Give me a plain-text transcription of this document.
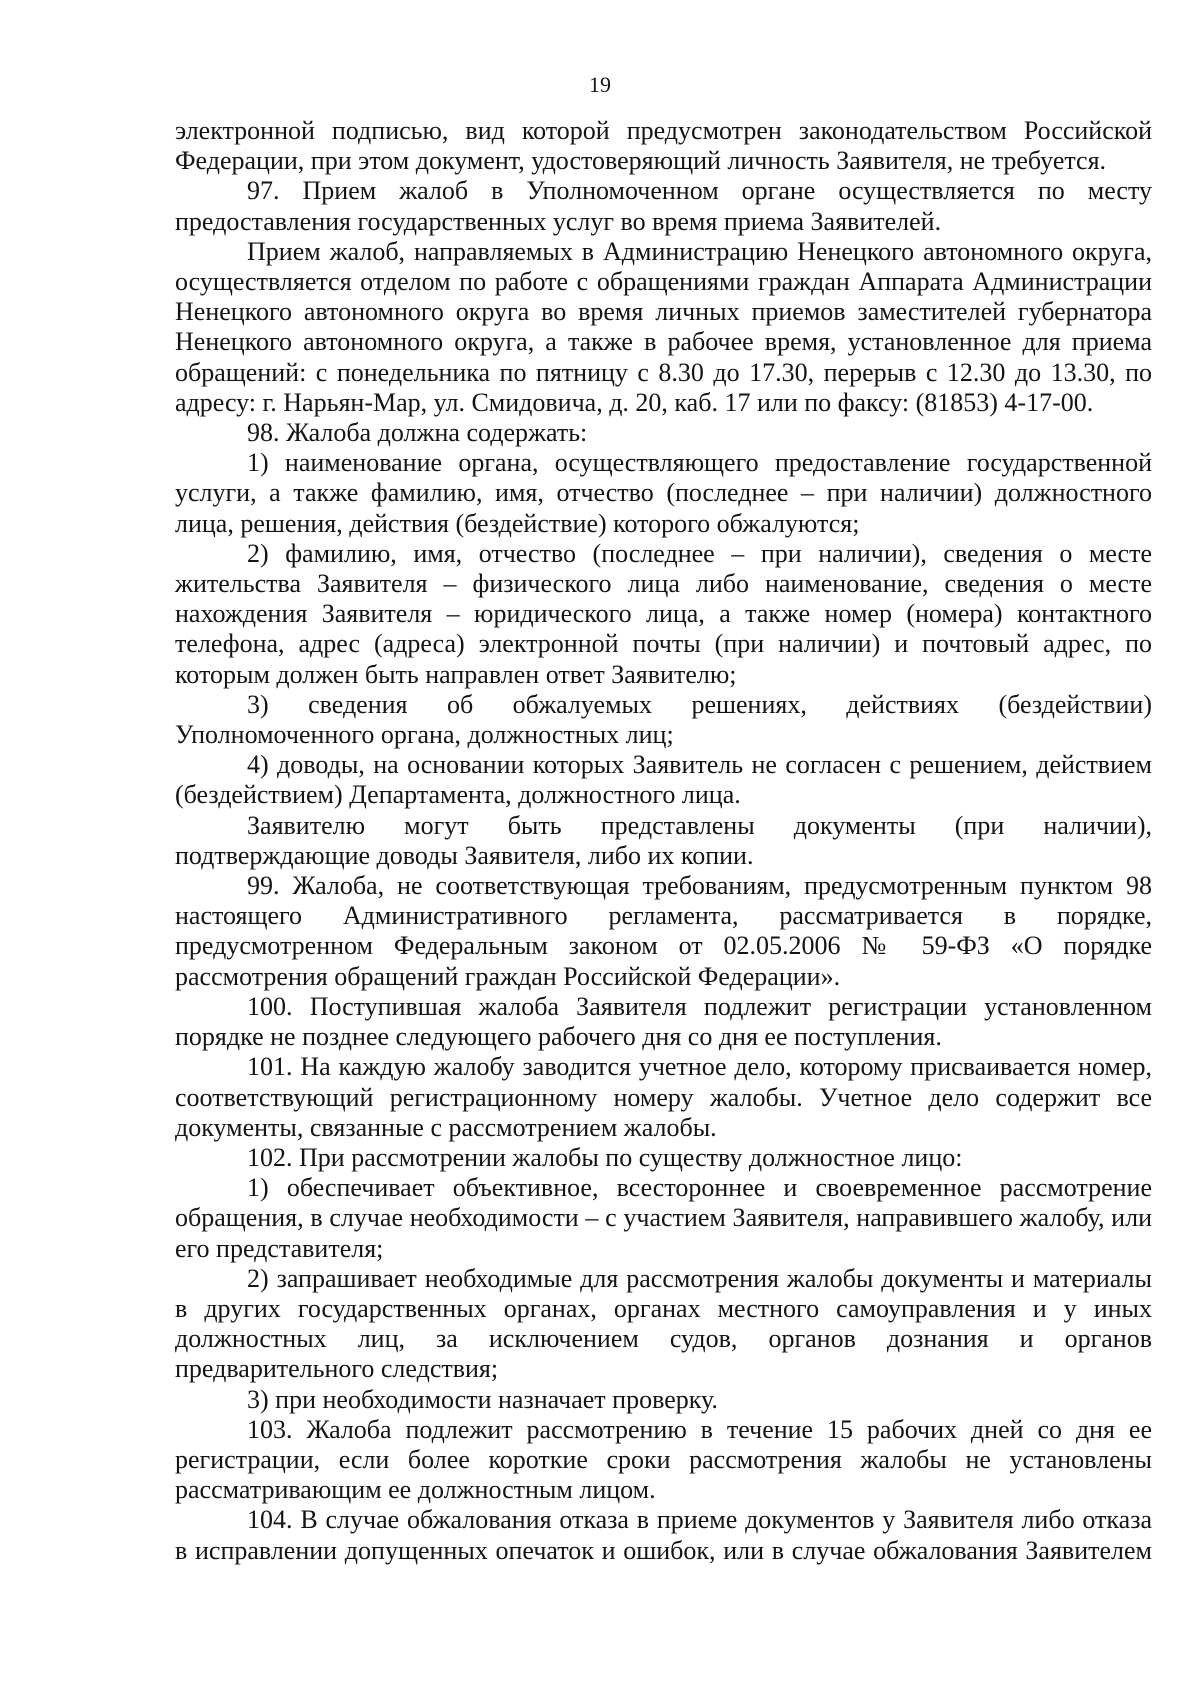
19

электронной подписью, вид которой предусмотрен законодательством Российской Федерации, при этом документ, удостоверяющий личность Заявителя, не требуется.

97. Прием жалоб в Уполномоченном органе осуществляется по месту предоставления государственных услуг во время приема Заявителей.

Прием жалоб, направляемых в Администрацию Ненецкого автономного округа, осуществляется отделом по работе с обращениями граждан Аппарата Администрации Ненецкого автономного округа во время личных приемов заместителей губернатора Ненецкого автономного округа, а также в рабочее время, установленное для приема обращений: с понедельника по пятницу с 8.30 до 17.30, перерыв с 12.30 до 13.30, по адресу: г. Нарьян-Мар, ул. Смидовича, д. 20, каб. 17 или по факсу: (81853) 4-17-00.

98. Жалоба должна содержать:

1) наименование органа, осуществляющего предоставление государственной услуги, а также фамилию, имя, отчество (последнее – при наличии) должностного лица, решения, действия (бездействие) которого обжалуются;

2) фамилию, имя, отчество (последнее – при наличии), сведения о месте жительства Заявителя – физического лица либо наименование, сведения о месте нахождения Заявителя – юридического лица, а также номер (номера) контактного телефона, адрес (адреса) электронной почты (при наличии) и почтовый адрес, по которым должен быть направлен ответ Заявителю;

3) сведения об обжалуемых решениях, действиях (бездействии) Уполномоченного органа, должностных лиц;

4) доводы, на основании которых Заявитель не согласен с решением, действием (бездействием) Департамента, должностного лица.

Заявителю могут быть представлены документы (при наличии), подтверждающие доводы Заявителя, либо их копии.

99. Жалоба, не соответствующая требованиям, предусмотренным пунктом 98 настоящего Административного регламента, рассматривается в порядке, предусмотренном Федеральным законом от 02.05.2006 № 59-ФЗ «О порядке рассмотрения обращений граждан Российской Федерации».

100. Поступившая жалоба Заявителя подлежит регистрации установленном порядке не позднее следующего рабочего дня со дня ее поступления.

101. На каждую жалобу заводится учетное дело, которому присваивается номер, соответствующий регистрационному номеру жалобы. Учетное дело содержит все документы, связанные с рассмотрением жалобы.

102. При рассмотрении жалобы по существу должностное лицо:

1) обеспечивает объективное, всестороннее и своевременное рассмотрение обращения, в случае необходимости – с участием Заявителя, направившего жалобу, или его представителя;

2) запрашивает необходимые для рассмотрения жалобы документы и материалы в других государственных органах, органах местного самоуправления и у иных должностных лиц, за исключением судов, органов дознания и органов предварительного следствия;

3) при необходимости назначает проверку.

103. Жалоба подлежит рассмотрению в течение 15 рабочих дней со дня ее регистрации, если более короткие сроки рассмотрения жалобы не установлены рассматривающим ее должностным лицом.

104. В случае обжалования отказа в приеме документов у Заявителя либо отказа в исправлении допущенных опечаток и ошибок, или в случае обжалования Заявителем
